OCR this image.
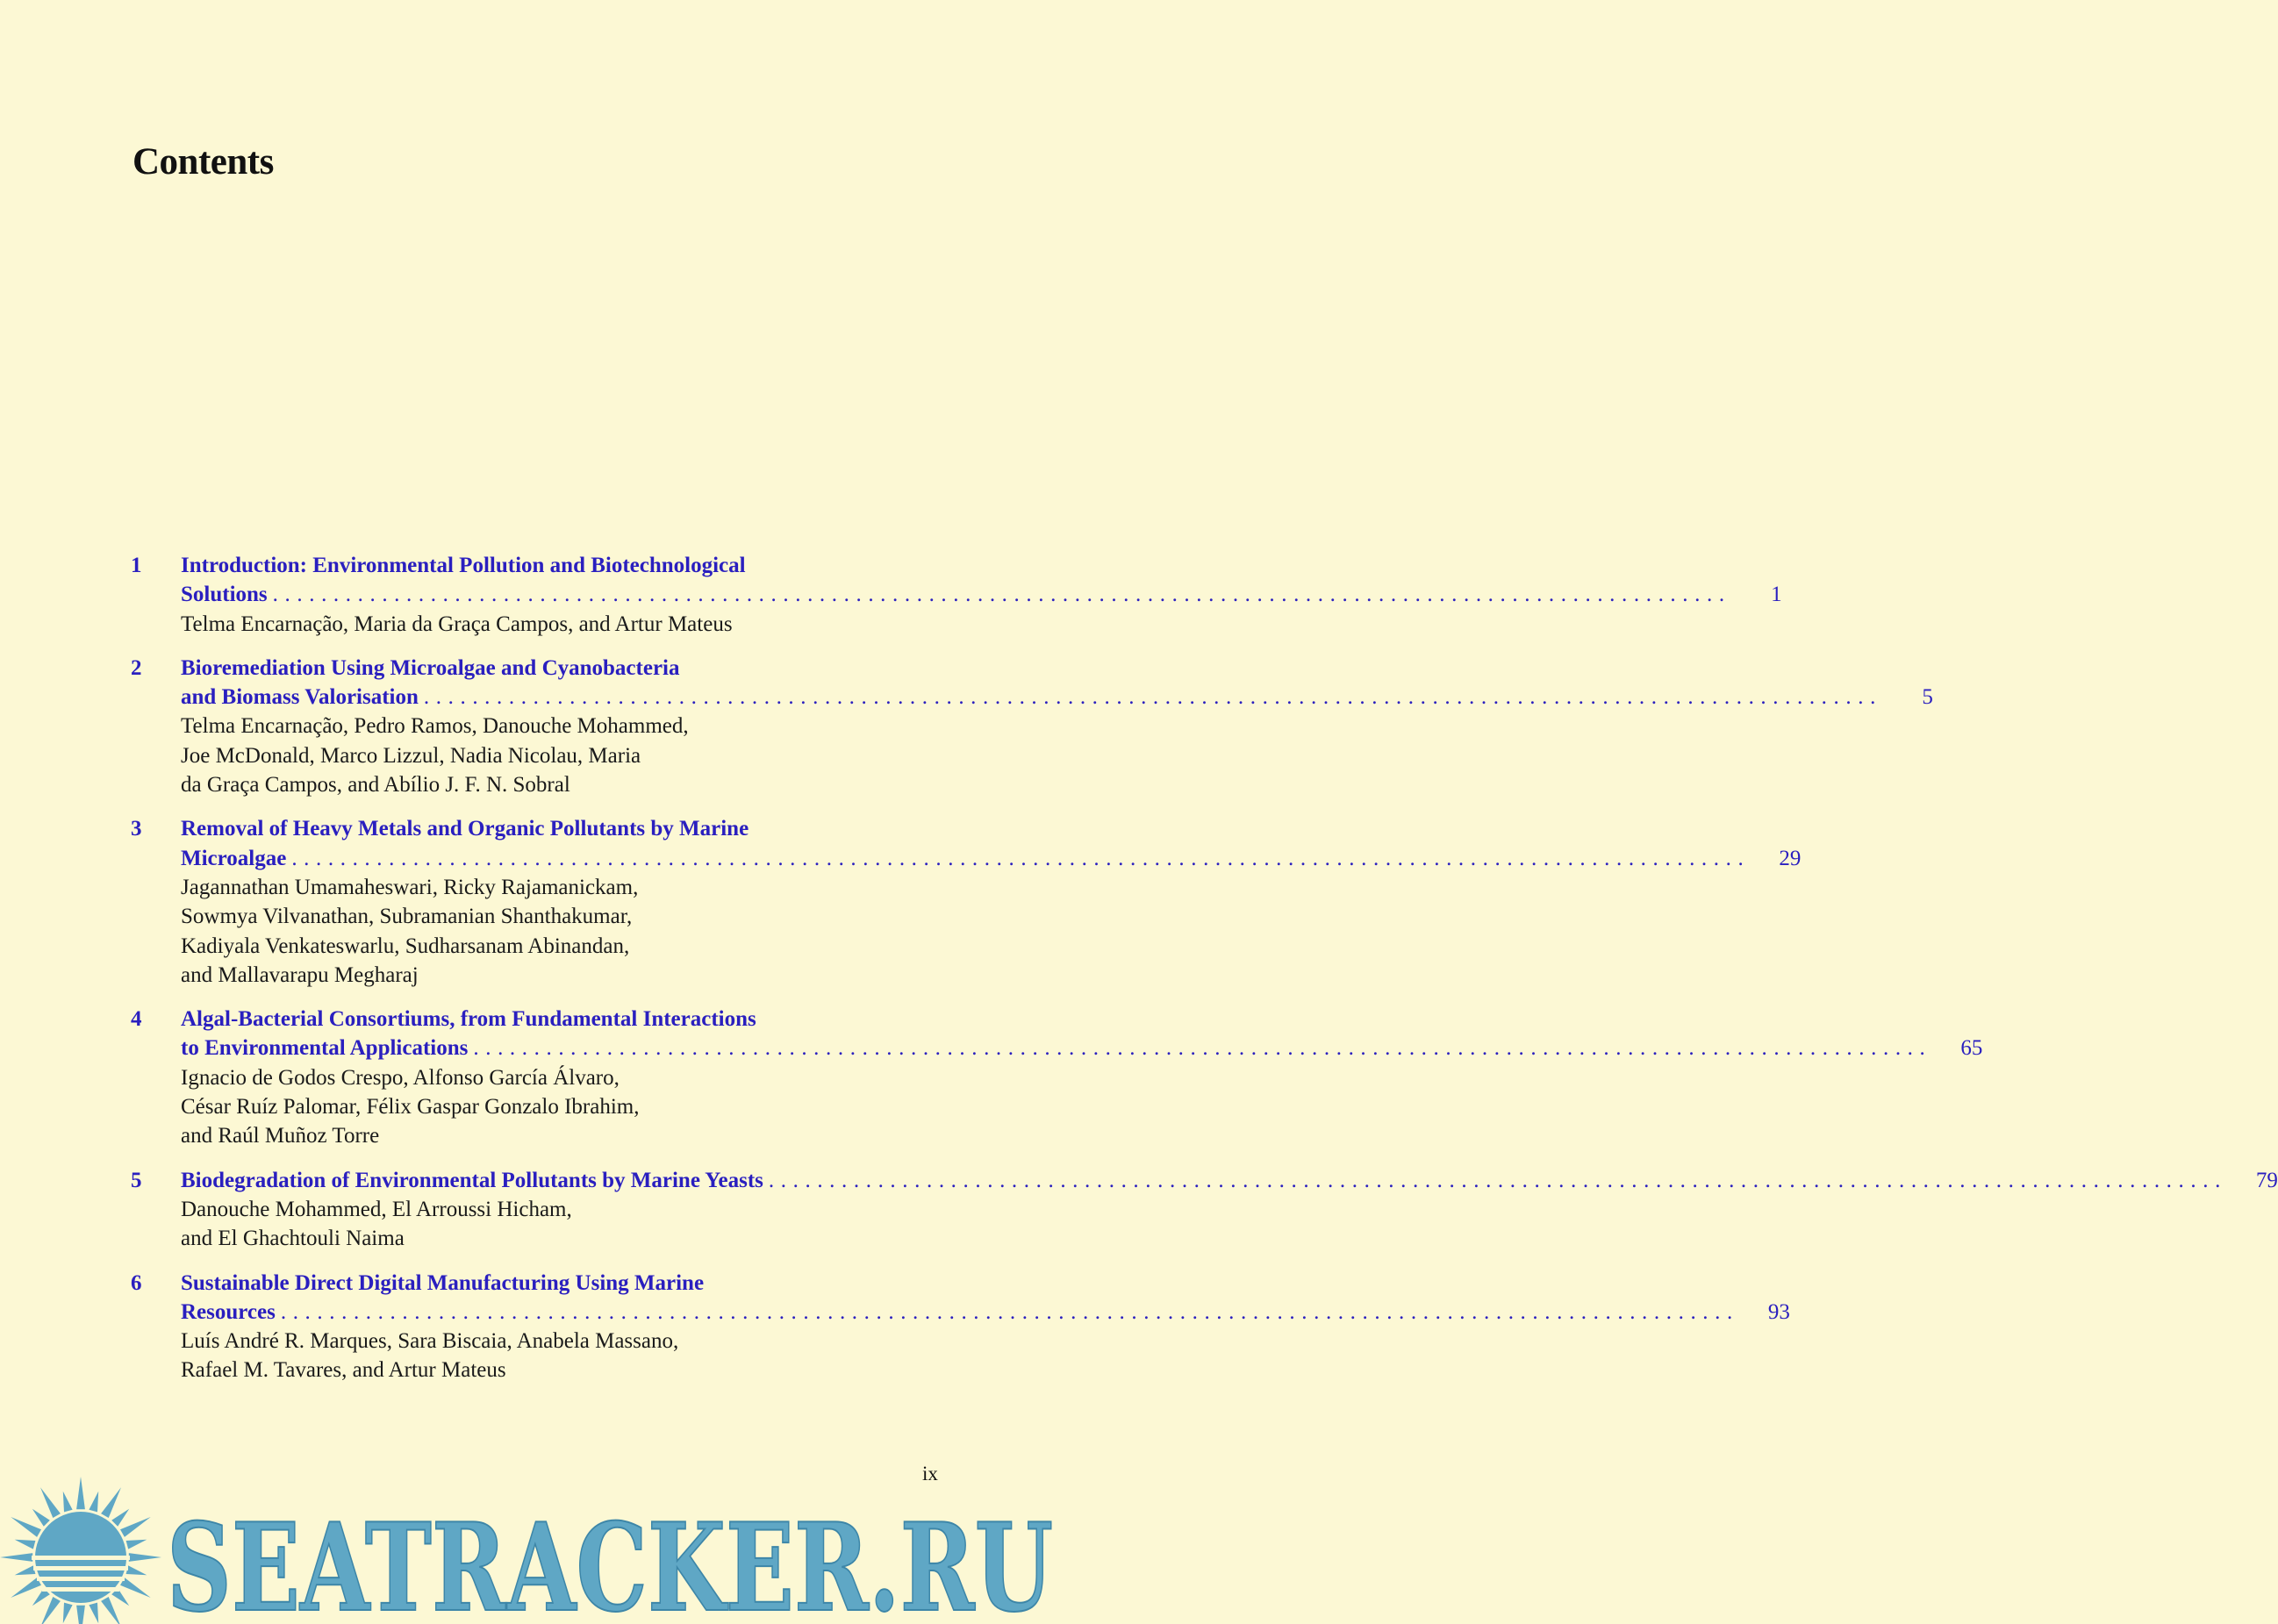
Contents
1 Introduction: Environmental Pollution and Biotechnological
Solutions ........................................................................................................................	1
Telma Encarnação, Maria da Graça Campos, and Artur Mateus
2 Bioremediation Using Microalgae and Cyanobacteria
and Biomass Valorisation ........................................................................................................................	5
Telma Encarnação, Pedro Ramos, Danouche Mohammed,
Joe McDonald, Marco Lizzul, Nadia Nicolau, Maria
da Graça Campos, and Abílio J. F. N. Sobral
3 Removal of Heavy Metals and Organic Pollutants by Marine
Microalgae ........................................................................................................................	29
Jagannathan Umamaheswari, Ricky Rajamanickam,
Sowmya Vilvanathan, Subramanian Shanthakumar,
Kadiyala Venkateswarlu, Sudharsanam Abinandan,
and Mallavarapu Megharaj
4 Algal-Bacterial Consortiums, from Fundamental Interactions
to Environmental Applications ........................................................................................................................	65
Ignacio de Godos Crespo, Alfonso García Álvaro,
César Ruíz Palomar, Félix Gaspar Gonzalo Ibrahim,
and Raúl Muñoz Torre
5 Biodegradation of Environmental Pollutants by Marine Yeasts ........................................................................................................................	79
Danouche Mohammed, El Arroussi Hicham,
and El Ghachtouli Naima
6 Sustainable Direct Digital Manufacturing Using Marine
Resources ........................................................................................................................	93
Luís André R. Marques, Sara Biscaia, Anabela Massano,
Rafael M. Tavares, and Artur Mateus
ix
SEATRACKER.RU
